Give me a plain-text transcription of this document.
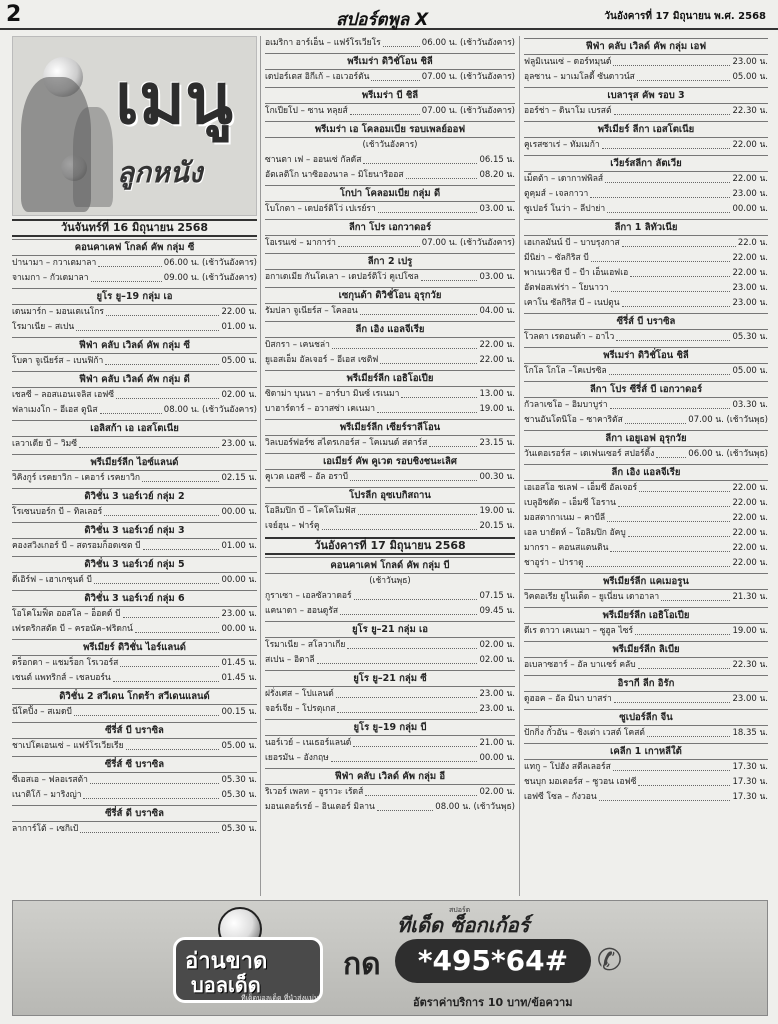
2	สปอร์ตพูล X	วันอังคารที่ 17 มิถุนายน พ.ศ. 2568
เมนู
ลูกหนัง
วันจันทร์ที่ 16 มิถุนายน 2568
คอนคาเคฟ โกลด์ คัพ กลุ่ม ซี
ปานามา – กวาเตมาลา	06.00 น. (เช้าวันอังคาร)
จาเมกา – กัวเดมาลา	09.00 น. (เช้าวันอังคาร)
ยูโร ยู–19 กลุ่ม เอ
เดนมาร์ก – มอนเตเนโกร	22.00 น.
โรมาเนีย – สเปน	01.00 น.
ฟีฟ่า คลับ เวิลด์ คัพ กลุ่ม ซี
โบคา จูเนียร์ส – เบนฟิก้า	05.00 น.
ฟีฟ่า คลับ เวิลด์ คัพ กลุ่ม ดี
เชลซี – ลอสแอนเจลิส เอฟซี	02.00 น.
ฟลาเมงโก – อีเอส ตูนิส	08.00 น. (เช้าวันอังคาร)
เอลิสก้า เอ เอสโตเนีย
เลวาเดีย บี – วิมซี	23.00 น.
พรีเมียร์ลีก ไอซ์แลนด์
วิคิงกูร์ เรคยาวิก – เคอาร์ เรคยาวิก	02.15 น.
ดิวิชั่น 3 นอร์เวย์ กลุ่ม 2
โรเซนบอร์ก บี – ทิลเลอร์	00.00 น.
ดิวิชั่น 3 นอร์เวย์ กลุ่ม 3
คองสวิงเกอร์ บี – สตรอมก็อดเซต บี	01.00 น.
ดิวิชั่น 3 นอร์เวย์ กลุ่ม 5
ดีเอิร์ฟ – เฮาเกซุนด์ บี	00.00 น.
ดิวิชั่น 3 นอร์เวย์ กลุ่ม 6
โอโคโมฟ็ต ออสโล – อ็อดด์ บี	23.00 น.
เฟรดริกสตัด บี – ครอนัค–ฟริดกน์	00.00 น.
พรีเมียร์ ดิวิชั่น ไอร์แลนด์
ดร็อกดา – แชมร็อก โรเวอร์ส	01.45 น.
เชนต์ แพทริกส์ – เชลบอร์น	01.45 น.
ดิวิชั่น 2 สวีเดน โกตร้า สวีเดนแลนด์
นีโคปิ้ง – สเมดบี	00.15 น.
ซีรี่ส์ บี บราซิล
ชาเปโคเอนเซ่ – แฟร์โรเวียเรีย	05.00 น.
ซีรี่ส์ ซี บราซิล
ซีเอสเอ – ฟลอเรสต้า	05.30 น.
เนาติโก้ – มาริงญ่า	05.30 น.
ซีรี่ส์ ดี บราซิล
ลาการ์โต้ – เซกิเป้	05.30 น.
อเมริกา อาร์เอ็น – แฟร์โรเวียโร	06.00 น. (เช้าวันอังคาร)
พรีเมร่า ดิวิชั่โอน ชิลี
เดปอร์เตส อิกีเก้ – เอเวอร์ตัน	07.00 น. (เช้าวันอังคาร)
พรีเมร่า บี ชิลี
โกเปียโป – ซาน หลุยส์	07.00 น. (เช้าวันอังคาร)
พรีเมร่า เอ โคลอมเบีย รอบเพลย์ออฟ
(เช้าวันอังคาร)
ซานตา เฟ – ออนเซ่ กัลดัส	06.15 น.
อัตเลติโก นาซิอองนาล – มิโยนาริออส	08.20 น.
โกปา โคลอมเบีย กลุ่ม ดี
โบโกตา – เดปอร์ติโว่ เปเรย์รา	03.00 น.
ลีกา โปร เอกวาดอร์
โอเรนเซ่ – มาการ่า	07.00 น. (เช้าวันอังคาร)
ลีกา 2 เปรู
อกาเดเมีย กันโตเลา – เดปอร์ติโว่ คูเปโซล	03.00 น.
เซกุนด้า ดิวิชั่โอน อุรุกวัย
รัมปลา จูเนียร์ส – โคลอน	04.00 น.
ลีก เอิง แอลจีเรีย
บิสกรา – เคนชล่า	22.00 น.
ยูเอสเอ็ม อัลเจอร์ – อีเอส เซติฟ	22.00 น.
พรีเมียร์ลีก เอธิโอเปีย
ซิดาม่า บุนนา – อาร์บา มินซ์ เรเนมา	13.00 น.
บาฮาร์ดาร์ – อวาสซ่า เคเนมา	19.00 น.
พรีเมียร์ลีก เซียร์ราลีโอน
วิลเบอร์ฟอร์ซ สไตรเกอร์ส – โคเมนด์ สตาร์ส	23.15 น.
เอเมียร์ คัพ คูเวต รอบชิงชนะเลิศ
คูเวต เอสซี – อัล อราบี	00.30 น.
โปรลีก อุซเบกิสถาน
โอลิมปิก บี – โคโคโมฟัส	19.00 น.
เจย์ฮุน – ฟาร์คู	20.15 น.
วันอังคารที่ 17 มิถุนายน 2568
คอนคาเคฟ โกลด์ คัพ กลุ่ม บี
(เช้าวันพุธ)
กูราเซา – เอลซัลวาดอร์	07.15 น.
แคนาดา – ฮอนดูรัส	09.45 น.
ยูโร ยู–21 กลุ่ม เอ
โรมาเนีย – สโลวาเกีย	02.00 น.
สเปน – อิตาลี	02.00 น.
ยูโร ยู–21 กลุ่ม ซี
ฝรั่งเศส – โปแลนด์	23.00 น.
จอร์เจีย – โปรตุเกส	23.00 น.
ยูโร ยู–19 กลุ่ม บี
นอร์เวย์ – เนเธอร์แลนด์	21.00 น.
เยอรมัน – อังกฤษ	00.00 น.
ฟีฟ่า คลับ เวิลด์ คัพ กลุ่ม อี
ริเวอร์ เพลท – อูราวะ เร้ดส์	02.00 น.
มอนเตอร์เรย์ – อินเตอร์ มิลาน	08.00 น. (เช้าวันพุธ)
ฟีฟ่า คลับ เวิลด์ คัพ กลุ่ม เอฟ
ฟลูมิเนนเซ่ – ดอร์ทมุนด์	23.00 น.
อุลซาน – มาเมโลดี้ ซันดาวน์ส	05.00 น.
เบลารุส คัพ รอบ 3
ออร์ช่า – ดินาโม เบรสต์	22.30 น.
พรีเมียร์ ลีกา เอสโตเนีย
คูเรสซาเร่ – ทัมเมก้า	22.00 น.
เวียร์สลีกา ลัตเวีย
เม็ตต้า – เดากาฟพิลส์	22.00 น.
ตูคุมส์ – เจลกาวา	23.00 น.
ซูเปอร์ โนว่า – ลีปาย่า	00.00 น.
ลีกา 1 ลิทัวเนีย
เฮเกลมันน์ บี – บาบรุงกาส	22.0 น.
มีนิย่า – ซัลกิริส บี	22.00 น.
พาเนเวชิส บี – บีา เอ็นเอฟเอ	22.00 น.
อัตฟอสเฟร่า – โยนาวา	23.00 น.
เคาโน ซัลกิริส บี – เนปตูน	23.00 น.
ซีรี่ส์ บี บราซิล
โวลตา เรดอนด้า – อาไว	05.30 น.
พรีเมร่า ดิวิชั่โอน ชิลี
โกโล โกโล –โคเปรซิล	05.00 น.
ลีกา โปร ซีรี่ส์ บี เอกวาดอร์
กัวลาเซโอ – อิมบาบูร่า	03.30 น.
ชานอันโตนิโอ – ซาคาริตัส	07.00 น. (เช้าวันพุธ)
ลีกา เอยูเอฟ อุรุกวัย
วันเดอเรอร์ส – เดเฟนเซอร์ สปอร์ติ้ง	06.00 น. (เช้าวันพุธ)
ลีก เอิง แอลจีเรีย
เอเอสโอ ชเลฟ – เอ็มซี อัลเจอร์	22.00 น.
เบลูอิซดัด – เอ็มซี โอราน	22.00 น.
มอสตากาเนม – คาบีลี	22.00 น.
เอล บายัดห์ – โอลิมปิก อัคบู	22.00 น.
มากรา – คอนสแตนติน	22.00 น.
ชาอูร่า – ปาราดู	22.00 น.
พรีเมียร์ลีก แคเมอรูน
วิคตอเรีย ยูไนเต็ด – ยูเนี่ยน เดาอาลา	21.30 น.
พรีเมียร์ลีก เอธิโอเปีย
ดีเร ดาวา เคเนมา – ซูฮูล ไซร์	19.00 น.
พรีเมียร์ลีก ลิเบีย
อเบลาซฮาร์ – อัล บาเเซร์ คลับ	22.30 น.
อิรากี ลีก อิรัก
ดูฮอค – อัล มินา บาสร่า	23.00 น.
ซูเปอร์ลีก จีน
ปักกิ่ง กั๋วอัน – ชิงเต่า เวสต์ โคสต์	18.35 น.
เคลีก 1 เกาหลีใต้
แทกู – โปฮัง สตีลเลอร์ส	17.30 น.
ชนบุก มอเตอร์ส – ซูวอน เอฟซี	17.30 น.
เอฟซี โซล – กังวอน	17.30 น.
อ่านขาด
บอลเด็ด
ทีเด็ดบอลเด็ด ที่นำส่งแม่น
สปอร์ต
ทีเด็ด ซ็อกเก้อร์
กด	*495*64# ✆
อัตราค่าบริการ 10 บาท/ข้อความ
